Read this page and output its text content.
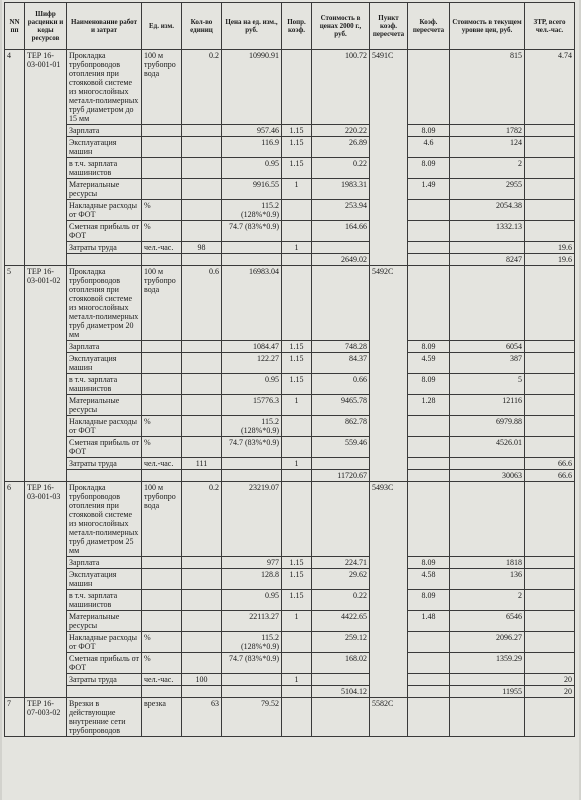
NN пп	Шифр расценки и коды ресурсов	Наименование работ и затрат	Ед. изм.	Кол-во единиц	Цена на ед. изм., руб.	Попр. коэф.	Стоимость в ценах 2000 г., руб.	Пункт коэф. пересчета	Коэф. пересчета	Стоимость в текущем уровне цен, руб.	ЗТР, всего чел.-час.
4	ТЕР 16-03-001-01	Прокладка трубопроводов отопления при стояковой системе из многослойных металл-полимерных труб диаметром до 15 мм	100 м трубопровода	0.2	10990.91		100.72	5491С		815	4.74
		Зарплата			957.46	1.15	220.22		8.09	1782	
		Эксплуатация машин			116.9	1.15	26.89		4.6	124	
		в т.ч. зарплата машинистов			0.95	1.15	0.22		8.09	2	
		Материальные ресурсы			9916.55	1	1983.31		1.49	2955	
		Накладные расходы от ФОТ	%		115.2 (128%*0.9)		253.94			2054.38	
		Сметная прибыль от ФОТ	%		74.7 (83%*0.9)		164.66			1332.13	
		Затраты труда	чел.-час.	98		1					19.6
							2649.02			8247	19.6
5	ТЕР 16-03-001-02	Прокладка трубопроводов отопления при стояковой системе из многослойных металл-полимерных труб диаметром 20 мм	100 м трубопровода	0.6	16983.04			5492С			
		Зарплата			1084.47	1.15	748.28		8.09	6054	
		Эксплуатация машин			122.27	1.15	84.37		4.59	387	
		в т.ч. зарплата машинистов			0.95	1.15	0.66		8.09	5	
		Материальные ресурсы			15776.3	1	9465.78		1.28	12116	
		Накладные расходы от ФОТ	%		115.2 (128%*0.9)		862.78			6979.88	
		Сметная прибыль от ФОТ	%		74.7 (83%*0.9)		559.46			4526.01	
		Затраты труда	чел.-час.	111		1					66.6
							11720.67			30063	66.6
6	ТЕР 16-03-001-03	Прокладка трубопроводов отопления при стояковой системе из многослойных металл-полимерных труб диаметром 25 мм	100 м трубопровода	0.2	23219.07			5493С			
		Зарплата			977	1.15	224.71		8.09	1818	
		Эксплуатация машин			128.8	1.15	29.62		4.58	136	
		в т.ч. зарплата машинистов			0.95	1.15	0.22		8.09	2	
		Материальные ресурсы			22113.27	1	4422.65		1.48	6546	
		Накладные расходы от ФОТ	%		115.2 (128%*0.9)		259.12			2096.27	
		Сметная прибыль от ФОТ	%		74.7 (83%*0.9)		168.02			1359.29	
		Затраты труда	чел.-час.	100		1					20
							5104.12			11955	20
7	ТЕР 16-07-003-02	Врезки в действующие внутренние сети трубопроводов	врезка	63	79.52			5582С			
